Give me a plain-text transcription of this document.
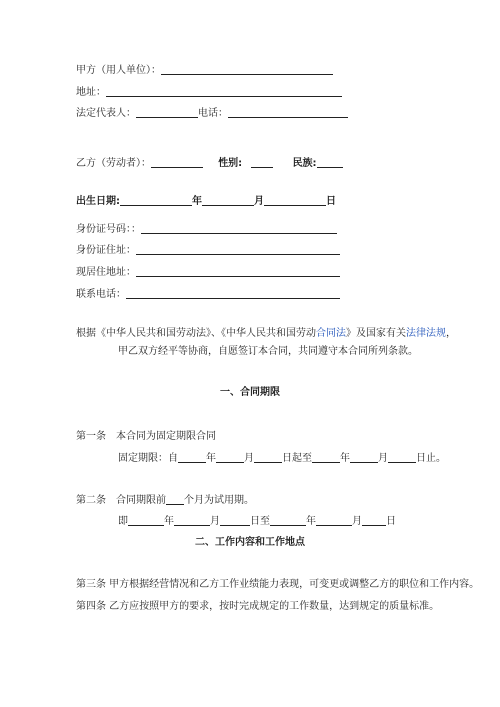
甲方（用人单位）：
地址：
法定代表人：	电话：
乙方（劳动者）：	性别:	民族:
出生日期:	年	月	日
身份证号码：：
身份证住址：
现居住地址：
联系电话：
根据《中华人民共和国劳动法》、《中华人民共和国劳动合同法》及国家有关法律法规，
甲乙双方经平等协商，自愿签订本合同，共同遵守本合同所列条款。
一、合同期限
第一条　本合同为固定期限合同
固定期限：自	年	月	日起至	年	月	日止。
第二条　合同期限前 个月为试用期。
即	年	月	日至	年	月 日
二、工作内容和工作地点
第三条 甲方根据经营情况和乙方工作业绩能力表现，可变更或调整乙方的职位和工作内容。
第四条 乙方应按照甲方的要求，按时完成规定的工作数量，达到规定的质量标准。
